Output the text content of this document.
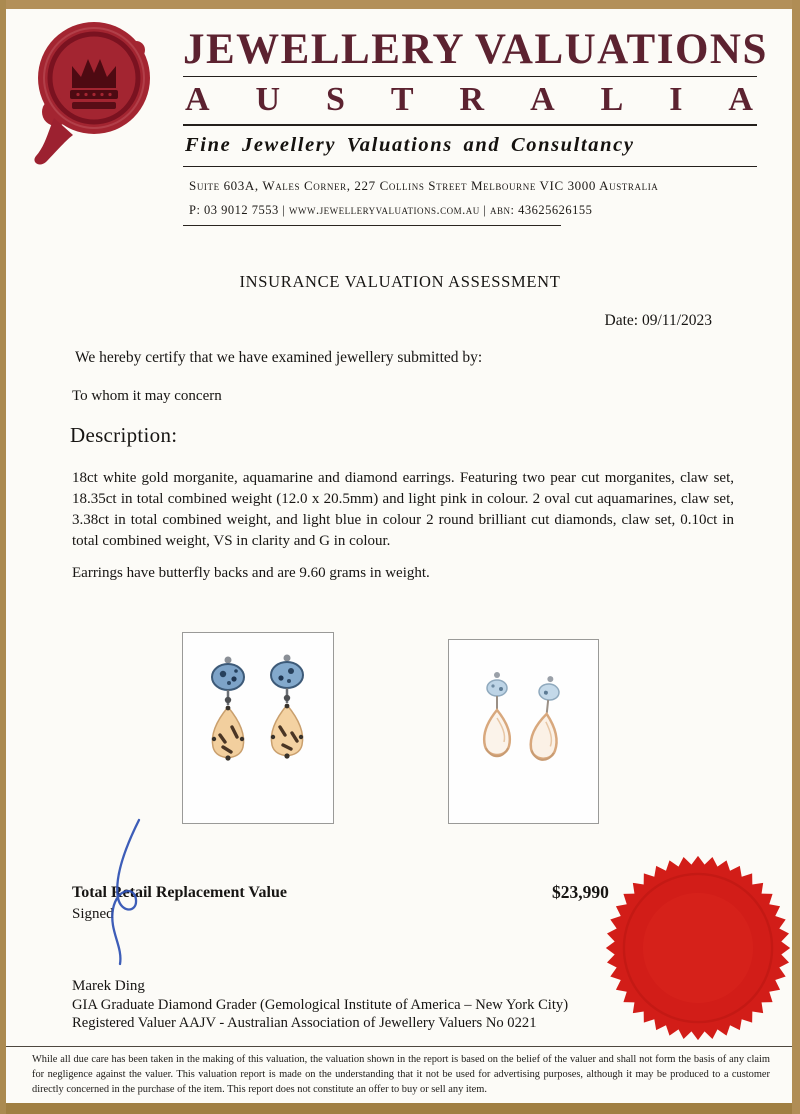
JEWELLERY VALUATIONS
A U S T R A L I A
Fine Jewellery Valuations and Consultancy
Suite 603A, Wales Corner, 227 Collins Street Melbourne VIC 3000 Australia
P: 03 9012 7553 | www.jewelleryvaluations.com.au | abn: 43625626155
INSURANCE VALUATION ASSESSMENT
Date: 09/11/2023
We hereby certify that we have examined jewellery submitted by:
To whom it may concern
Description:
18ct white gold morganite, aquamarine and diamond earrings. Featuring two pear cut morganites, claw set, 18.35ct in total combined weight (12.0 x 20.5mm) and light pink in colour. 2 oval cut aquamarines, claw set, 3.38ct in total combined weight, and light blue in colour 2 round brilliant cut diamonds, claw set, 0.10ct in total combined weight, VS in clarity and G in colour.
Earrings have butterfly backs and are 9.60 grams in weight.
Total Retail Replacement Value	$23,990
Signed
Marek Ding
GIA Graduate Diamond Grader (Gemological Institute of America – New York City)
Registered Valuer AAJV - Australian Association of Jewellery Valuers No 0221
While all due care has been taken in the making of this valuation, the valuation shown in the report is based on the belief of the valuer and shall not form the basis of any claim for negligence against the valuer. This valuation report is made on the understanding that it not be used for advertising purposes, although it may be produced to a customer directly concerned in the purchase of the item. This report does not constitute an offer to buy or sell any item.
